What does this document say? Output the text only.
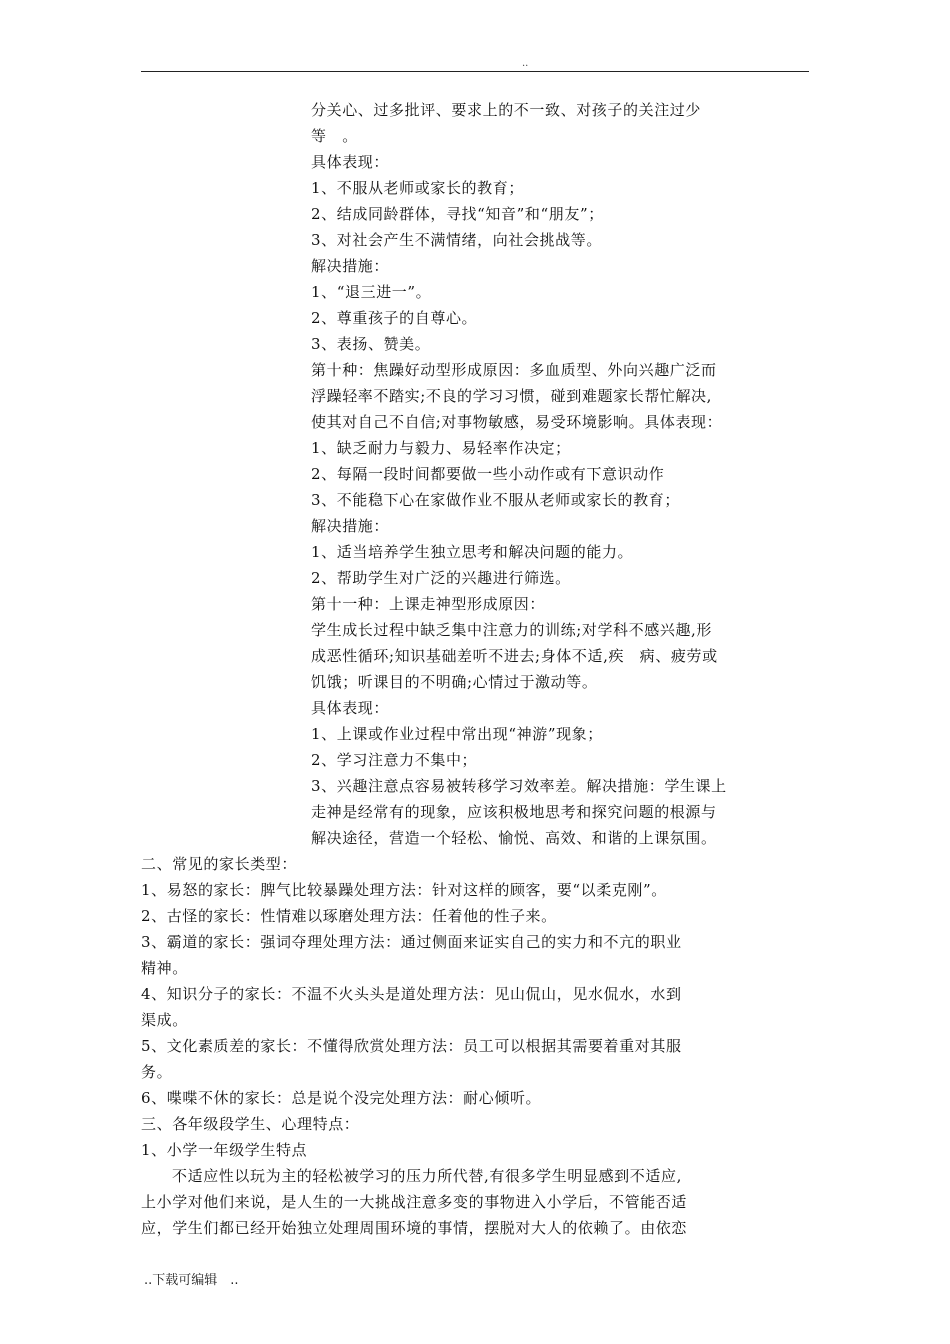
..
分关心、过多批评、要求上的不一致、对孩子的关注过少
等　。
具体表现：
1、不服从老师或家长的教育；
2、结成同龄群体，寻找“知音”和“朋友”；
3、对社会产生不满情绪，向社会挑战等。
解决措施：
1、“退三进一”。
2、尊重孩子的自尊心。
3、表扬、赞美。
第十种：焦躁好动型形成原因：多血质型、外向兴趣广泛而
浮躁轻率不踏实;不良的学习习惯，碰到难题家长帮忙解决,
使其对自己不自信;对事物敏感，易受环境影响。具体表现：
1、缺乏耐力与毅力、易轻率作决定；
2、每隔一段时间都要做一些小动作或有下意识动作
3、不能稳下心在家做作业不服从老师或家长的教育；
解决措施：
1、适当培养学生独立思考和解决问题的能力。
2、帮助学生对广泛的兴趣进行筛选。
第十一种：上课走神型形成原因：
学生成长过程中缺乏集中注意力的训练;对学科不感兴趣,形
成恶性循环;知识基础差听不进去;身体不适,疾　病、疲劳或
饥饿；听课目的不明确;心情过于激动等。
具体表现：
1、上课或作业过程中常出现“神游”现象；
2、学习注意力不集中；
3、兴趣注意点容易被转移学习效率差。解决措施：学生课上
走神是经常有的现象，应该积极地思考和探究问题的根源与
解决途径，营造一个轻松、愉悦、高效、和谐的上课氛围。
二、常见的家长类型：
1、易怒的家长：脾气比较暴躁处理方法：针对这样的顾客，要“以柔克刚”。
2、古怪的家长：性情难以琢磨处理方法：任着他的性子来。
3、霸道的家长：强词夺理处理方法：通过侧面来证实自己的实力和不亢的职业
精神。
4、知识分子的家长：不温不火头头是道处理方法：见山侃山，见水侃水，水到
渠成。
5、文化素质差的家长：不懂得欣赏处理方法：员工可以根据其需要着重对其服
务。
6、喋喋不休的家长：总是说个没完处理方法：耐心倾听。
三、各年级段学生、心理特点：
1、小学一年级学生特点
不适应性以玩为主的轻松被学习的压力所代替,有很多学生明显感到不适应,
上小学对他们来说，是人生的一大挑战注意多变的事物进入小学后，不管能否适
应，学生们都已经开始独立处理周围环境的事情，摆脱对大人的依赖了。由依恋
..下载可编辑　..
